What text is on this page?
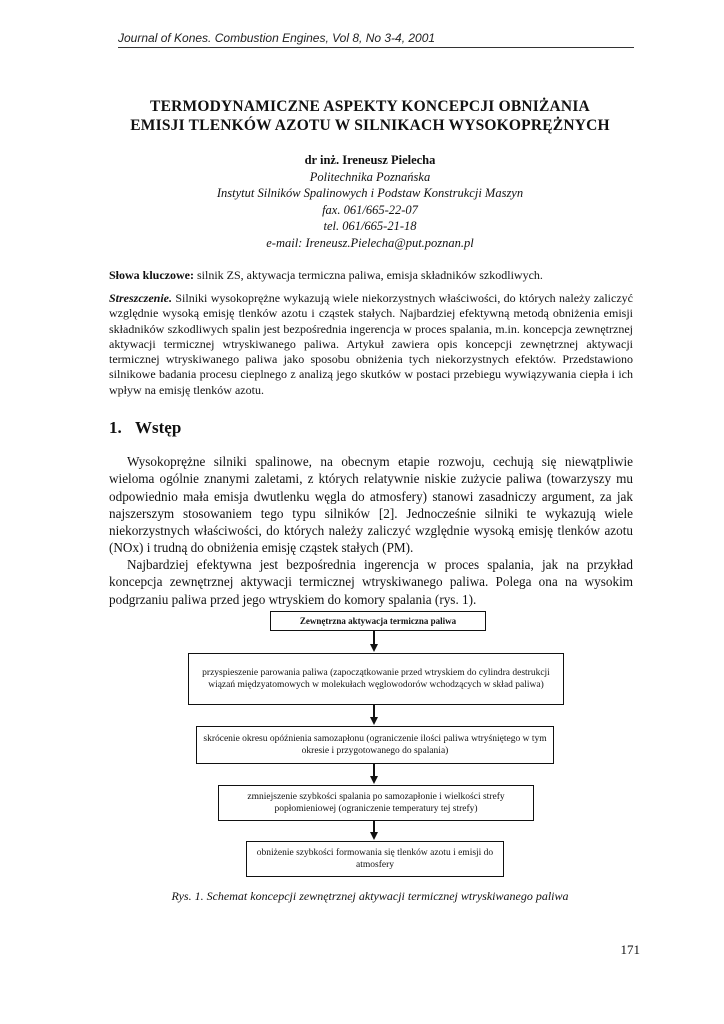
Journal of Kones. Combustion Engines, Vol 8, No 3-4, 2001
TERMODYNAMICZNE ASPEKTY KONCEPCJI OBNIŻANIA
EMISJI TLENKÓW AZOTU W SILNIKACH WYSOKOPRĘŻNYCH
dr inż. Ireneusz Pielecha
Politechnika Poznańska
Instytut Silników Spalinowych i Podstaw Konstrukcji Maszyn
fax. 061/665-22-07
tel. 061/665-21-18
e-mail: Ireneusz.Pielecha@put.poznan.pl
Słowa kluczowe: silnik ZS, aktywacja termiczna paliwa, emisja składników szkodliwych.
Streszczenie. Silniki wysokoprężne wykazują wiele niekorzystnych właściwości, do których należy zaliczyć względnie wysoką emisję tlenków azotu i cząstek stałych. Najbardziej efektywną metodą obniżenia emisji składników szkodliwych spalin jest bezpośrednia ingerencja w proces spalania, m.in. koncepcja zewnętrznej aktywacji termicznej wtryskiwanego paliwa. Artykuł zawiera opis koncepcji zewnętrznej aktywacji termicznej wtryskiwanego paliwa jako sposobu obniżenia tych niekorzystnych efektów. Przedstawiono silnikowe badania procesu cieplnego z analizą jego skutków w postaci przebiegu wywiązywania ciepła i ich wpływ na emisję tlenków azotu.
1. Wstęp

Wysokoprężne silniki spalinowe, na obecnym etapie rozwoju, cechują się niewątpliwie wieloma ogólnie znanymi zaletami, z których relatywnie niskie zużycie paliwa (towarzyszy mu odpowiednio mała emisja dwutlenku węgla do atmosfery) stanowi zasadniczy argument, za jak najszerszym stosowaniem tego typu silników [2]. Jednocześnie silniki te wykazują wiele niekorzystnych właściwości, do których należy zaliczyć względnie wysoką emisję tlenków azotu (NOx) i trudną do obniżenia emisję cząstek stałych (PM).

Najbardziej efektywna jest bezpośrednia ingerencja w proces spalania, jak na przykład koncepcja zewnętrznej aktywacji termicznej wtryskiwanego paliwa. Polega ona na wysokim podgrzaniu paliwa przed jego wtryskiem do komory spalania (rys. 1).

Zewnętrzna aktywacja termiczna paliwa
przyspieszenie parowania paliwa (zapoczątkowanie przed wtryskiem do cylindra destrukcji wiązań międzyatomowych w molekułach węglowodorów wchodzących w skład paliwa)
skrócenie okresu opóźnienia samozapłonu (ograniczenie ilości paliwa wtryśniętego w tym okresie i przygotowanego do spalania)
zmniejszenie szybkości spalania po samozapłonie i wielkości strefy popłomieniowej (ograniczenie temperatury tej strefy)
obniżenie szybkości formowania się tlenków azotu i emisji do atmosfery
Rys. 1. Schemat koncepcji zewnętrznej aktywacji termicznej wtryskiwanego paliwa
171
